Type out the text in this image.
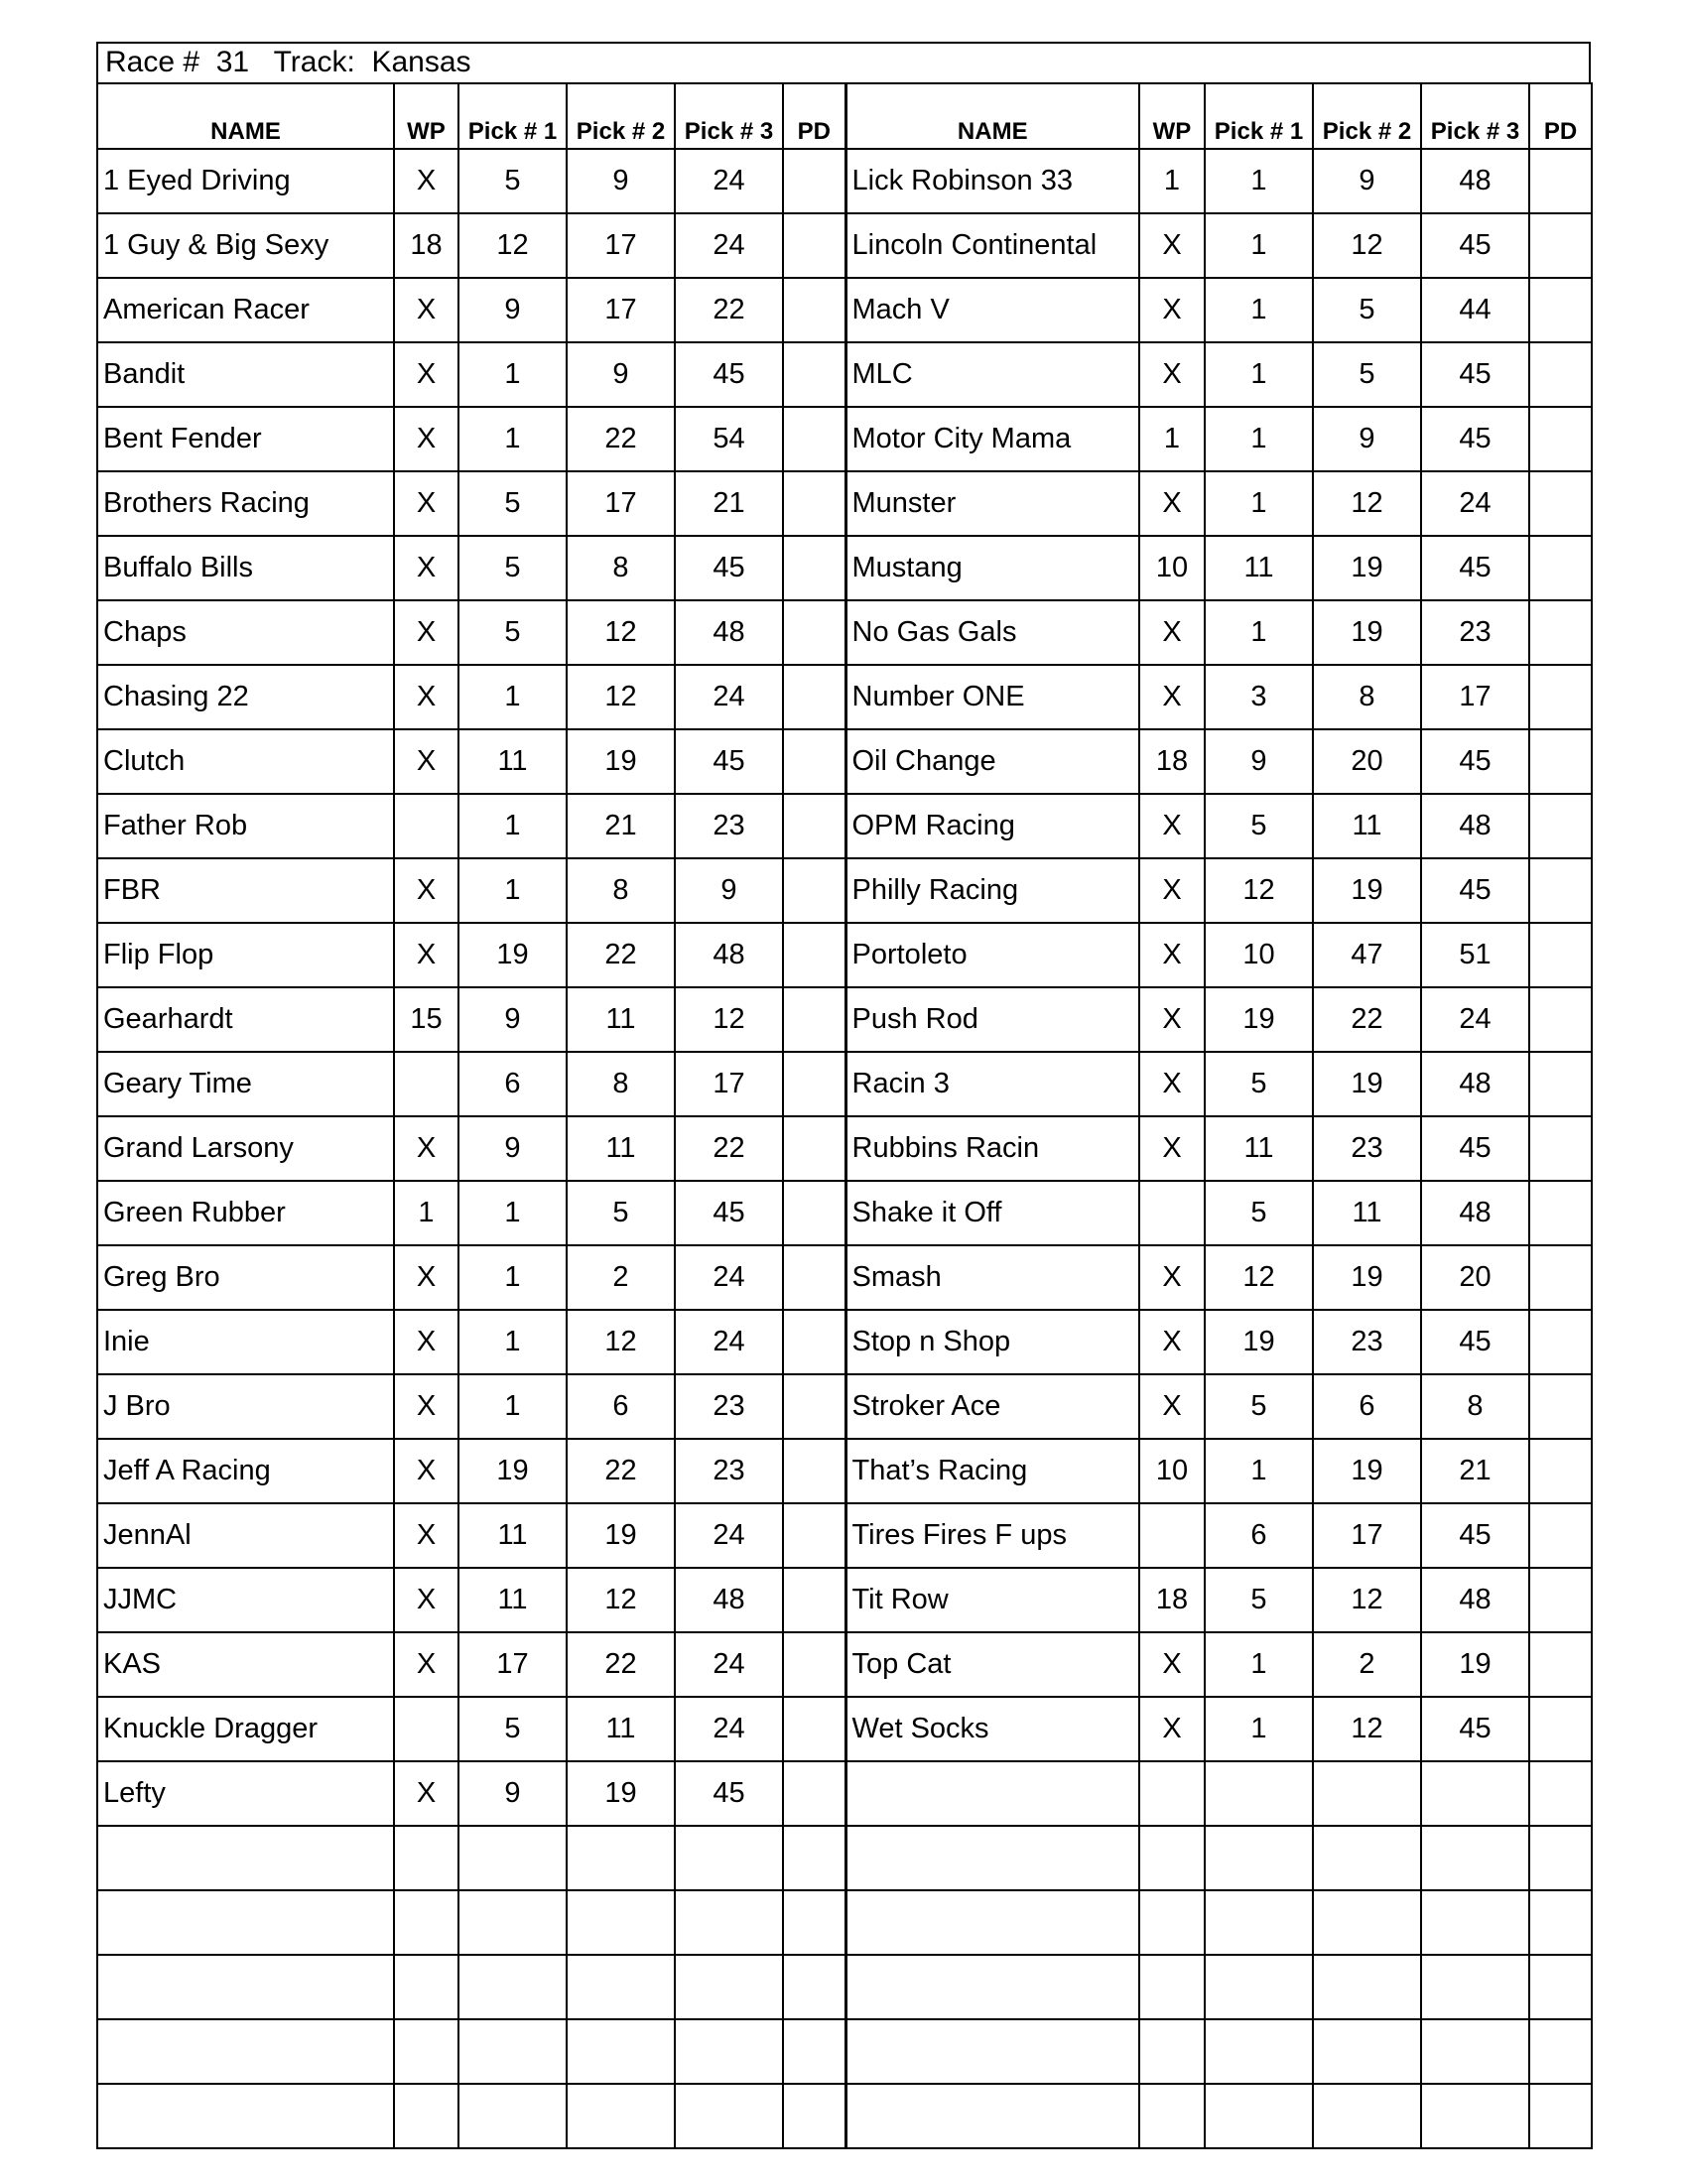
Race # 31 Track: Kansas
NAME	WP	Pick # 1	Pick # 2	Pick # 3	PD	NAME	WP	Pick # 1	Pick # 2	Pick # 3	PD
1 Eyed Driving	X	5	9	24		Lick Robinson 33	1	1	9	48	
1 Guy & Big Sexy	18	12	17	24		Lincoln Continental	X	1	12	45	
American Racer	X	9	17	22		Mach V	X	1	5	44	
Bandit	X	1	9	45		MLC	X	1	5	45	
Bent Fender	X	1	22	54		Motor City Mama	1	1	9	45	
Brothers Racing	X	5	17	21		Munster	X	1	12	24	
Buffalo Bills	X	5	8	45		Mustang	10	11	19	45	
Chaps	X	5	12	48		No Gas Gals	X	1	19	23	
Chasing 22	X	1	12	24		Number ONE	X	3	8	17	
Clutch	X	11	19	45		Oil Change	18	9	20	45	
Father Rob		1	21	23		OPM Racing	X	5	11	48	
FBR	X	1	8	9		Philly Racing	X	12	19	45	
Flip Flop	X	19	22	48		Portoleto	X	10	47	51	
Gearhardt	15	9	11	12		Push Rod	X	19	22	24	
Geary Time		6	8	17		Racin 3	X	5	19	48	
Grand Larsony	X	9	11	22		Rubbins Racin	X	11	23	45	
Green Rubber	1	1	5	45		Shake it Off		5	11	48	
Greg Bro	X	1	2	24		Smash	X	12	19	20	
Inie	X	1	12	24		Stop n Shop	X	19	23	45	
J Bro	X	1	6	23		Stroker Ace	X	5	6	8	
Jeff A Racing	X	19	22	23		That’s Racing	10	1	19	21	
JennAl	X	11	19	24		Tires Fires F ups		6	17	45	
JJMC	X	11	12	48		Tit Row	18	5	12	48	
KAS	X	17	22	24		Top Cat	X	1	2	19	
Knuckle Dragger		5	11	24		Wet Socks	X	1	12	45	
Lefty	X	9	19	45							
